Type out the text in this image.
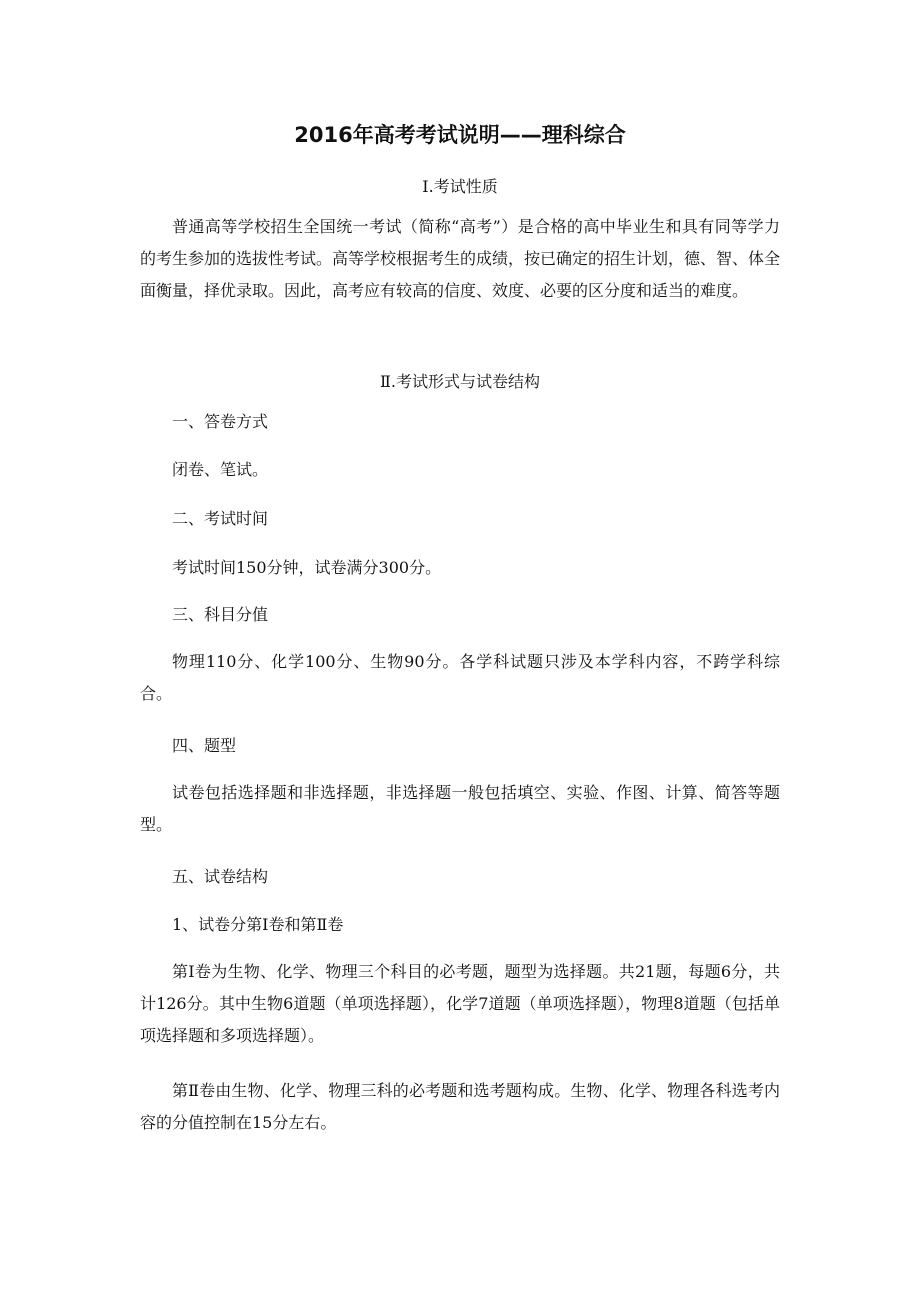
2016年高考考试说明——理科综合

Ⅰ.考试性质

普通高等学校招生全国统一考试（简称“高考”）是合格的高中毕业生和具有同等学力的考生参加的选拔性考试。高等学校根据考生的成绩，按已确定的招生计划，德、智、体全面衡量，择优录取。因此，高考应有较高的信度、效度、必要的区分度和适当的难度。

Ⅱ.考试形式与试卷结构

一、答卷方式

闭卷、笔试。

二、考试时间

考试时间150分钟，试卷满分300分。

三、科目分值

物理110分、化学100分、生物90分。各学科试题只涉及本学科内容，不跨学科综合。

四、题型

试卷包括选择题和非选择题，非选择题一般包括填空、实验、作图、计算、简答等题型。

五、试卷结构

1、试卷分第Ⅰ卷和第Ⅱ卷

第Ⅰ卷为生物、化学、物理三个科目的必考题，题型为选择题。共21题，每题6分，共计126分。其中生物6道题（单项选择题），化学7道题（单项选择题），物理8道题（包括单项选择题和多项选择题）。

第Ⅱ卷由生物、化学、物理三科的必考题和选考题构成。生物、化学、物理各科选考内容的分值控制在15分左右。
